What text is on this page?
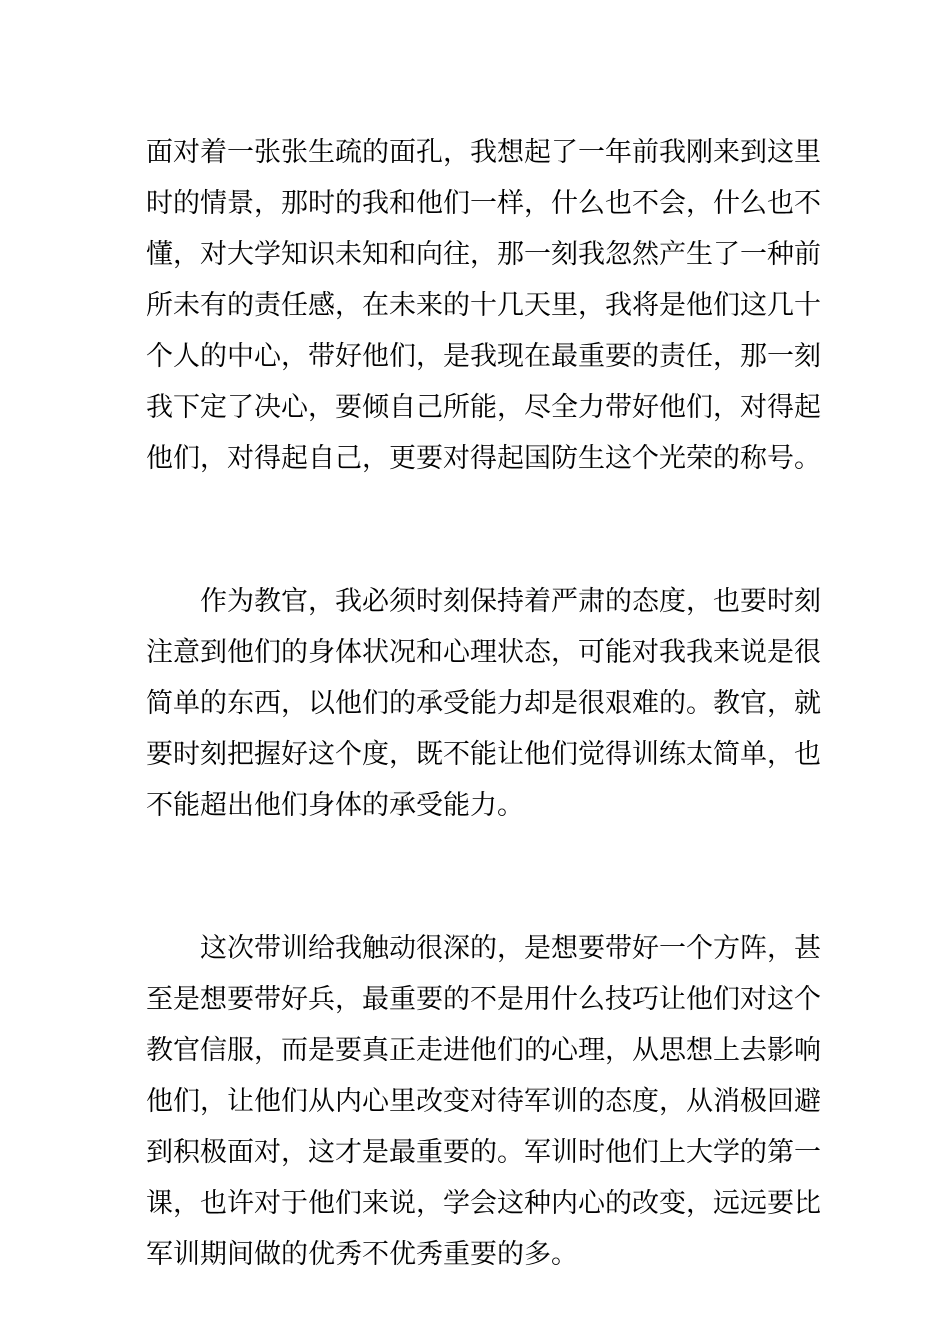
面对着一张张生疏的面孔，我想起了一年前我刚来到这里
时的情景，那时的我和他们一样，什么也不会，什么也不
懂，对大学知识未知和向往，那一刻我忽然产生了一种前
所未有的责任感，在未来的十几天里，我将是他们这几十
个人的中心，带好他们，是我现在最重要的责任，那一刻
我下定了决心，要倾自己所能，尽全力带好他们，对得起
他们，对得起自己，更要对得起国防生这个光荣的称号。
作为教官，我必须时刻保持着严肃的态度，也要时刻
注意到他们的身体状况和心理状态，可能对我我来说是很
简单的东西，以他们的承受能力却是很艰难的。教官，就
要时刻把握好这个度，既不能让他们觉得训练太简单，也
不能超出他们身体的承受能力。
这次带训给我触动很深的，是想要带好一个方阵，甚
至是想要带好兵，最重要的不是用什么技巧让他们对这个
教官信服，而是要真正走进他们的心理，从思想上去影响
他们，让他们从内心里改变对待军训的态度，从消极回避
到积极面对，这才是最重要的。军训时他们上大学的第一
课，也许对于他们来说，学会这种内心的改变，远远要比
军训期间做的优秀不优秀重要的多。
